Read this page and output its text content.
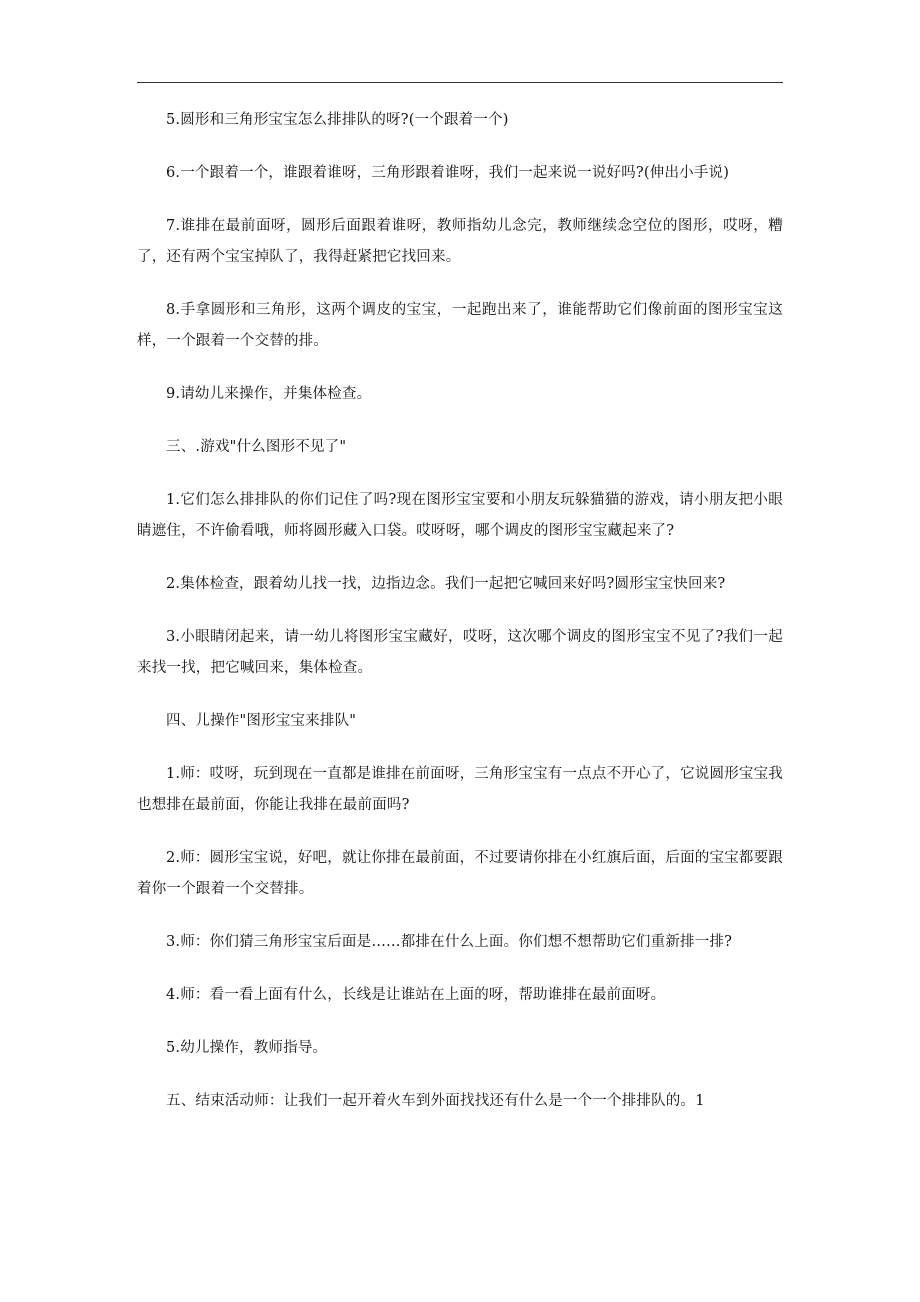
5.圆形和三角形宝宝怎么排排队的呀?(一个跟着一个)

6.一个跟着一个，谁跟着谁呀，三角形跟着谁呀，我们一起来说一说好吗?(伸出小手说)

7.谁排在最前面呀，圆形后面跟着谁呀，教师指幼儿念完，教师继续念空位的图形，哎呀，糟了，还有两个宝宝掉队了，我得赶紧把它找回来。

8.手拿圆形和三角形，这两个调皮的宝宝，一起跑出来了，谁能帮助它们像前面的图形宝宝这样，一个跟着一个交替的排。

9.请幼儿来操作，并集体检查。

三、.游戏"什么图形不见了"

1.它们怎么排排队的你们记住了吗?现在图形宝宝要和小朋友玩躲猫猫的游戏，请小朋友把小眼睛遮住，不许偷看哦，师将圆形藏入口袋。哎呀呀，哪个调皮的图形宝宝藏起来了?

2.集体检查，跟着幼儿找一找，边指边念。我们一起把它喊回来好吗?圆形宝宝快回来?

3.小眼睛闭起来，请一幼儿将图形宝宝藏好，哎呀，这次哪个调皮的图形宝宝不见了?我们一起来找一找，把它喊回来，集体检查。

四、儿操作"图形宝宝来排队"

1.师：哎呀，玩到现在一直都是谁排在前面呀，三角形宝宝有一点点不开心了，它说圆形宝宝我也想排在最前面，你能让我排在最前面吗?

2.师：圆形宝宝说，好吧，就让你排在最前面，不过要请你排在小红旗后面，后面的宝宝都要跟着你一个跟着一个交替排。

3.师：你们猜三角形宝宝后面是……都排在什么上面。你们想不想帮助它们重新排一排?

4.师：看一看上面有什么，长线是让谁站在上面的呀，帮助谁排在最前面呀。

5.幼儿操作，教师指导。

五、结束活动师：让我们一起开着火车到外面找找还有什么是一个一个排排队的。1
